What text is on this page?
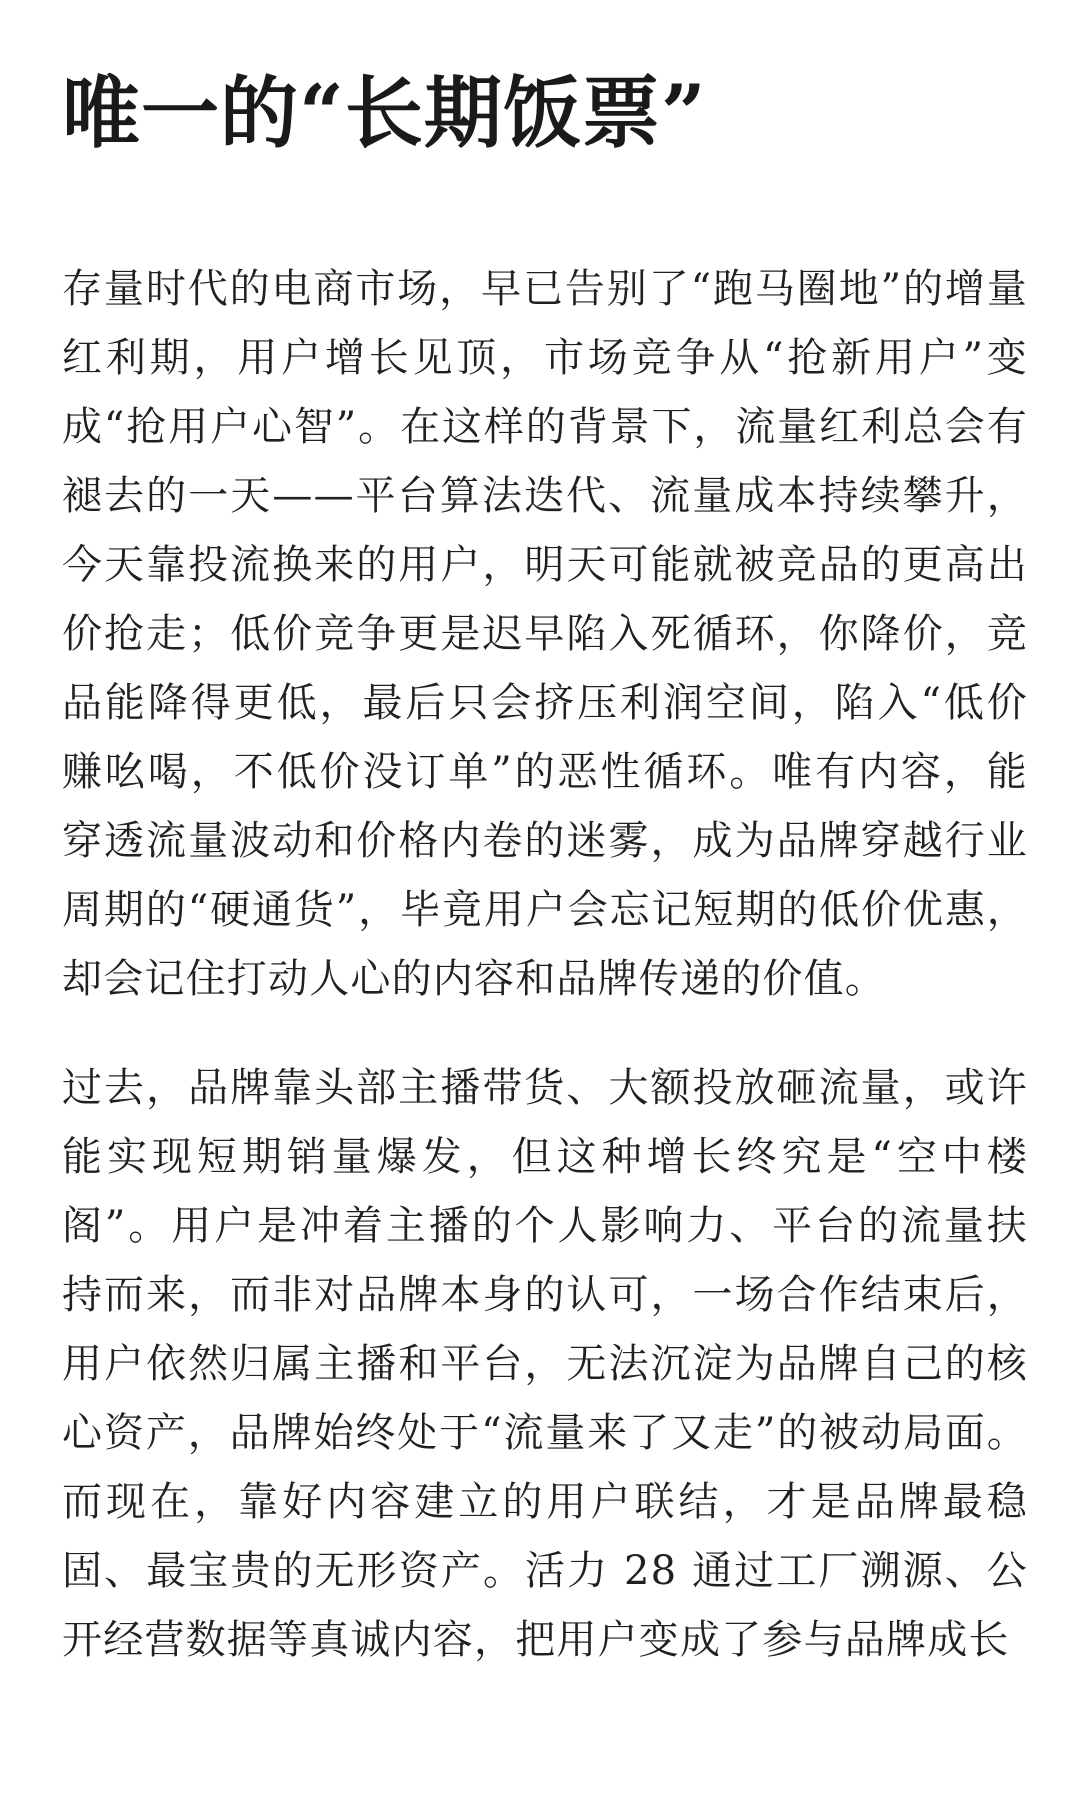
唯一的“长期饭票”

存量时代的电商市场，早已告别了“跑马圈地”的增量红利期，用户增长见顶，市场竞争从“抢新用户”变成“抢用户心智”。在这样的背景下，流量红利总会有褪去的一天——平台算法迭代、流量成本持续攀升，今天靠投流换来的用户，明天可能就被竞品的更高出价抢走；低价竞争更是迟早陷入死循环，你降价，竞品能降得更低，最后只会挤压利润空间，陷入“低价赚吆喝，不低价没订单”的恶性循环。唯有内容，能穿透流量波动和价格内卷的迷雾，成为品牌穿越行业周期的“硬通货”，毕竟用户会忘记短期的低价优惠，却会记住打动人心的内容和品牌传递的价值。

过去，品牌靠头部主播带货、大额投放砸流量，或许能实现短期销量爆发，但这种增长终究是“空中楼阁”。用户是冲着主播的个人影响力、平台的流量扶持而来，而非对品牌本身的认可，一场合作结束后，用户依然归属主播和平台，无法沉淀为品牌自己的核心资产，品牌始终处于“流量来了又走”的被动局面。而现在，靠好内容建立的用户联结，才是品牌最稳固、最宝贵的无形资产。活力 28 通过工厂溯源、公开经营数据等真诚内容，把用户变成了参与品牌成长
